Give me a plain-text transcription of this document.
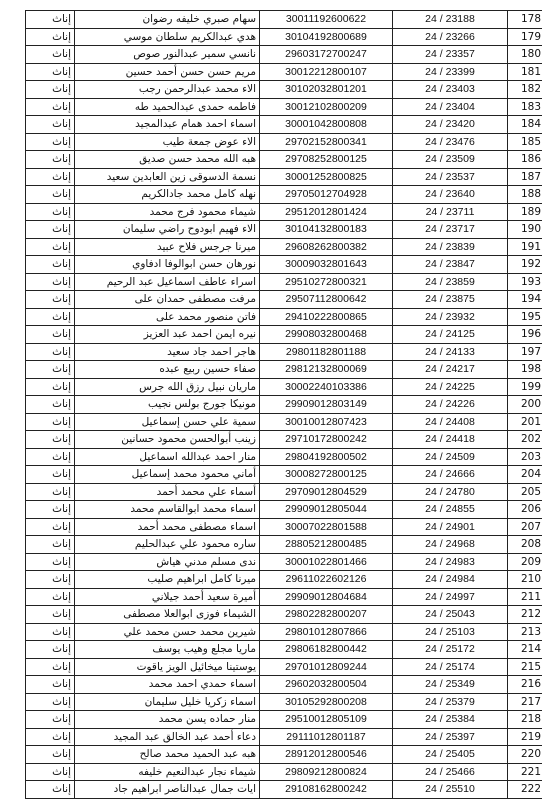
178	24 / 23188	30011192600622	سهام صبري خليفه رضوان	إناث
179	24 / 23266	30104192800689	هدي عبدالكريم سلطان موسي	إناث
180	24 / 23357	29603172700247	نانسي سمير عبدالنور صوص	إناث
181	24 / 23399	30012212800107	مريم حسن حسن أحمد حسين	إناث
182	24 / 23403	30102032801201	الاء محمد عبدالرحمن رجب	إناث
183	24 / 23404	30012102800209	فاطمه حمدى عبدالحميد طه	إناث
184	24 / 23420	30001042800808	اسماء احمد همام عبدالمجيد	إناث
185	24 / 23476	29702152800341	الاء عوض جمعة طيب	إناث
186	24 / 23509	29708252800125	هبه الله محمد حسن صديق	إناث
187	24 / 23537	30001252800825	نسمة الدسوقى زين العابدين سعيد	إناث
188	24 / 23640	29705012704928	نهله كامل محمد جادالكريم	إناث
189	24 / 23711	29512012801424	شيماء محمود فرج محمد	إناث
190	24 / 23717	30104132800183	الاء فهيم ابودوح راضي سليمان	إناث
191	24 / 23839	29608262800382	ميرنا جرجس فلاح عبيد	إناث
192	24 / 23847	30009032801643	نورهان حسن ابوالوفا ادفاوي	إناث
193	24 / 23859	29510272800321	اسراء عاطف اسماعيل عبد الرحيم	إناث
194	24 / 23875	29507112800642	مرفت مصطفى حمدان على	إناث
195	24 / 23932	29410222800865	فاتن منصور محمد على	إناث
196	24 / 24125	29908032800468	نيره ايمن احمد عبد العزيز	إناث
197	24 / 24133	29801182801188	هاجر احمد جاد سعيد	إناث
198	24 / 24217	29812132800069	صفاء حسين ربيع عبده	إناث
199	24 / 24225	30002240103386	ماريان نبيل رزق الله جرس	إناث
200	24 / 24226	29909012803149	مونيكا جورج بولس نجيب	إناث
201	24 / 24408	30010012807423	سمية علي حسن إسماعيل	إناث
202	24 / 24418	29710172800242	زينب أبوالحسن محمود حسانين	إناث
203	24 / 24509	29804192800502	منار احمد عبدالله اسماعيل	إناث
204	24 / 24666	30008272800125	أماني محمود محمد إسماعيل	إناث
205	24 / 24780	29709012804529	أسماء علي محمد أحمد	إناث
206	24 / 24855	29909012805044	اسماء محمد ابوالقاسم محمد	إناث
207	24 / 24901	30007022801588	اسماء مصطفى محمد أحمد	إناث
208	24 / 24968	28805212800485	ساره محمود علي عبدالحليم	إناث
209	24 / 24983	30001022801466	ندى مسلم مدني هياش	إناث
210	24 / 24984	29611022602126	ميرنا كامل ابراهيم صليب	إناث
211	24 / 24997	29909012804684	أميرة سعيد أحمد جيلاني	إناث
212	24 / 25043	29802282800207	الشيماء فوزى ابوالعلا مصطفى	إناث
213	24 / 25103	29801012807866	شيرين محمد حسن محمد علي	إناث
214	24 / 25172	29806182800442	ماريا مجلع وهيب يوسف	إناث
215	24 / 25174	29701012809244	يوستينا ميخائيل الويز ياقوت	إناث
216	24 / 25349	29602032800504	اسماء حمدي احمد محمد	إناث
217	24 / 25379	30105292800208	اسماء زكريا خليل سليمان	إناث
218	24 / 25384	29510012805109	منار حماده يسن محمد	إناث
219	24 / 25397	29111012801187	دعاء أحمد عبد الخالق عبد المجيد	إناث
220	24 / 25405	28912012800546	هبه عبد الحميد محمد صالح	إناث
221	24 / 25466	29809212800824	شيماء نجار عبدالنعيم خليفه	إناث
222	24 / 25510	29108162800242	ايات جمال عبدالناصر ابراهيم جاد	إناث
